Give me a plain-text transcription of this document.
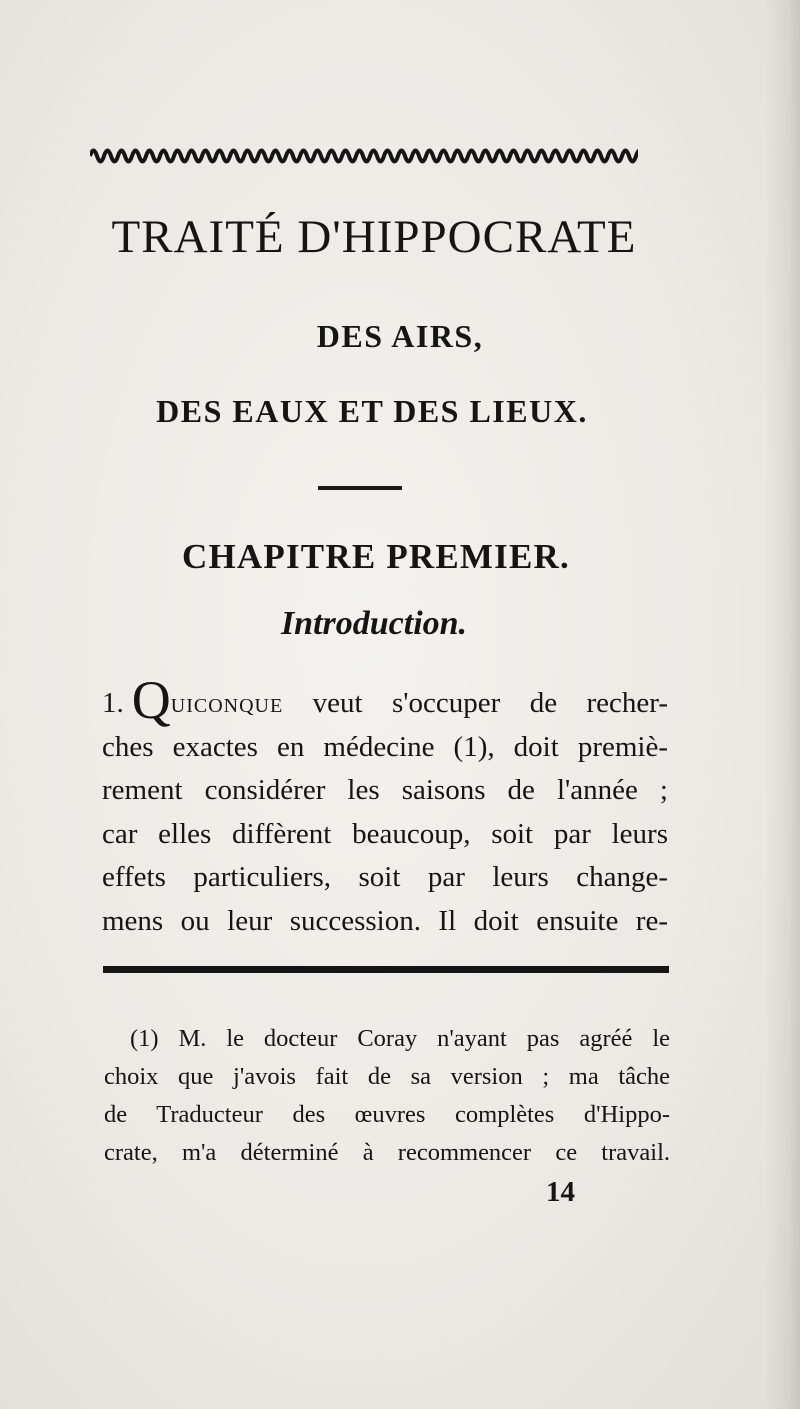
TRAITÉ D'HIPPOCRATE
DES AIRS,
DES EAUX ET DES LIEUX.
CHAPITRE PREMIER.
Introduction.
1. Quiconque veut s'occuper de recher-
ches exactes en médecine (1), doit premiè-
rement considérer les saisons de l'année ;
car elles diffèrent beaucoup, soit par leurs
effets particuliers, soit par leurs change-
mens ou leur succession. Il doit ensuite re-
(1) M. le docteur Coray n'ayant pas agréé le
choix que j'avois fait de sa version ; ma tâche
de Traducteur des œuvres complètes d'Hippo-
crate, m'a déterminé à recommencer ce travail.
14
